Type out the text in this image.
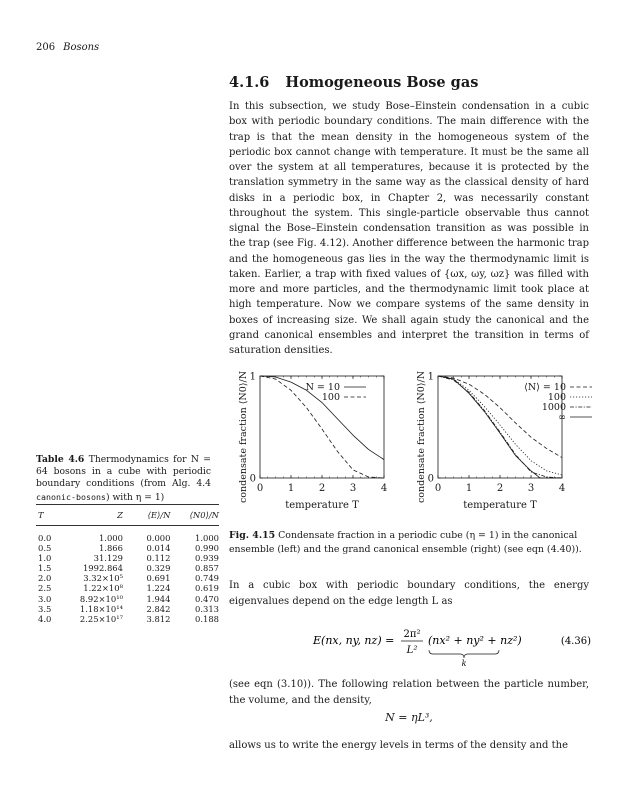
206 Bosons
4.1.6 Homogeneous Bose gas
In this subsection, we study Bose–Einstein condensation in a cubic box with periodic boundary conditions. The main difference with the trap is that the mean density in the homogeneous system of the periodic box cannot change with temperature. It must be the same all over the system at all temperatures, because it is protected by the translation symmetry in the same way as the classical density of hard disks in a periodic box, in Chapter 2, was necessarily constant throughout the system. This single-particle observable thus cannot signal the Bose–Einstein condensation transition as was possible in the trap (see Fig. 4.12). Another difference between the harmonic trap and the homogeneous gas lies in the way the thermodynamic limit is taken. Earlier, a trap with fixed values of {ωx, ωy, ωz} was filled with more and more particles, and the thermodynamic limit took place at high temperature. Now we compare systems of the same density in boxes of increasing size. We shall again study the canonical and the grand canonical ensembles and interpret the transition in terms of saturation densities.
0 1 2 3 4
0
1
N = 10
100
temperature T
condensate fraction ⟨N0⟩/N	0 1 2 3 4
0
1
⟨N⟩ = 10
100
1000
∞
temperature T
condensate fraction ⟨N0⟩/N
Table 4.6 Thermodynamics for N = 64 bosons in a cube with periodic boundary conditions (from Alg. 4.4 canonic-bosons) with η = 1)
T	Z	⟨E⟩/N	⟨N0⟩/N
0.0	1.000	0.000	1.000
0.5	1.866	0.014	0.990
1.0	31.129	0.112	0.939
1.5	1992.864	0.329	0.857
2.0	3.32×10⁵	0.691	0.749
2.5	1.22×10⁸	1.224	0.619
3.0	8.92×10¹⁰	1.944	0.470
3.5	1.18×10¹⁴	2.842	0.313
4.0	2.25×10¹⁷	3.812	0.188
Fig. 4.15 Condensate fraction in a periodic cube (η = 1) in the canonical ensemble (left) and the grand canonical ensemble (right) (see eqn (4.40)).
In a cubic box with periodic boundary conditions, the energy eigenvalues depend on the edge length L as
E(nx, ny, nz) = 2π²
L²
(nx² + ny² + nz²)
k
(4.36)
(see eqn (3.10)). The following relation between the particle number, the volume, and the density,
N = ηL³,
allows us to write the energy levels in terms of the density and the
